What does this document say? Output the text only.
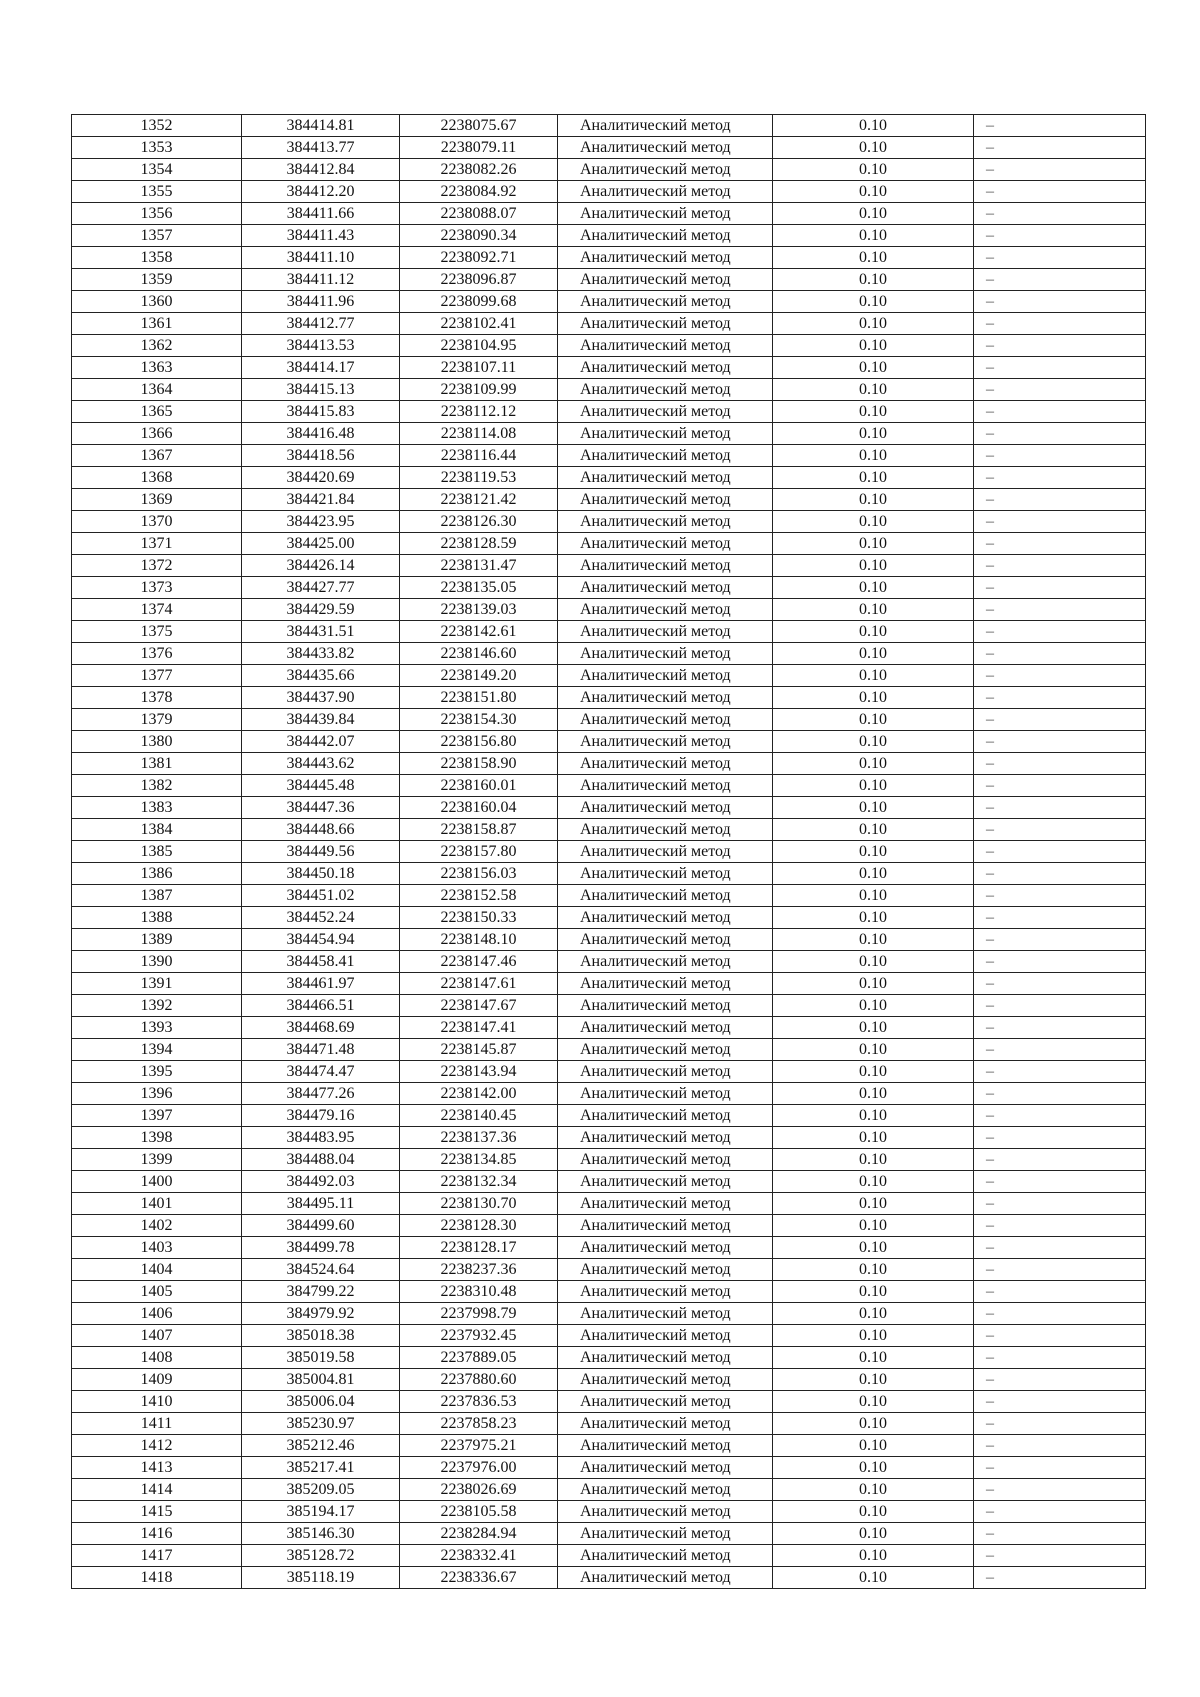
1352	384414.81	2238075.67	Аналитический метод	0.10	–
1353	384413.77	2238079.11	Аналитический метод	0.10	–
1354	384412.84	2238082.26	Аналитический метод	0.10	–
1355	384412.20	2238084.92	Аналитический метод	0.10	–
1356	384411.66	2238088.07	Аналитический метод	0.10	–
1357	384411.43	2238090.34	Аналитический метод	0.10	–
1358	384411.10	2238092.71	Аналитический метод	0.10	–
1359	384411.12	2238096.87	Аналитический метод	0.10	–
1360	384411.96	2238099.68	Аналитический метод	0.10	–
1361	384412.77	2238102.41	Аналитический метод	0.10	–
1362	384413.53	2238104.95	Аналитический метод	0.10	–
1363	384414.17	2238107.11	Аналитический метод	0.10	–
1364	384415.13	2238109.99	Аналитический метод	0.10	–
1365	384415.83	2238112.12	Аналитический метод	0.10	–
1366	384416.48	2238114.08	Аналитический метод	0.10	–
1367	384418.56	2238116.44	Аналитический метод	0.10	–
1368	384420.69	2238119.53	Аналитический метод	0.10	–
1369	384421.84	2238121.42	Аналитический метод	0.10	–
1370	384423.95	2238126.30	Аналитический метод	0.10	–
1371	384425.00	2238128.59	Аналитический метод	0.10	–
1372	384426.14	2238131.47	Аналитический метод	0.10	–
1373	384427.77	2238135.05	Аналитический метод	0.10	–
1374	384429.59	2238139.03	Аналитический метод	0.10	–
1375	384431.51	2238142.61	Аналитический метод	0.10	–
1376	384433.82	2238146.60	Аналитический метод	0.10	–
1377	384435.66	2238149.20	Аналитический метод	0.10	–
1378	384437.90	2238151.80	Аналитический метод	0.10	–
1379	384439.84	2238154.30	Аналитический метод	0.10	–
1380	384442.07	2238156.80	Аналитический метод	0.10	–
1381	384443.62	2238158.90	Аналитический метод	0.10	–
1382	384445.48	2238160.01	Аналитический метод	0.10	–
1383	384447.36	2238160.04	Аналитический метод	0.10	–
1384	384448.66	2238158.87	Аналитический метод	0.10	–
1385	384449.56	2238157.80	Аналитический метод	0.10	–
1386	384450.18	2238156.03	Аналитический метод	0.10	–
1387	384451.02	2238152.58	Аналитический метод	0.10	–
1388	384452.24	2238150.33	Аналитический метод	0.10	–
1389	384454.94	2238148.10	Аналитический метод	0.10	–
1390	384458.41	2238147.46	Аналитический метод	0.10	–
1391	384461.97	2238147.61	Аналитический метод	0.10	–
1392	384466.51	2238147.67	Аналитический метод	0.10	–
1393	384468.69	2238147.41	Аналитический метод	0.10	–
1394	384471.48	2238145.87	Аналитический метод	0.10	–
1395	384474.47	2238143.94	Аналитический метод	0.10	–
1396	384477.26	2238142.00	Аналитический метод	0.10	–
1397	384479.16	2238140.45	Аналитический метод	0.10	–
1398	384483.95	2238137.36	Аналитический метод	0.10	–
1399	384488.04	2238134.85	Аналитический метод	0.10	–
1400	384492.03	2238132.34	Аналитический метод	0.10	–
1401	384495.11	2238130.70	Аналитический метод	0.10	–
1402	384499.60	2238128.30	Аналитический метод	0.10	–
1403	384499.78	2238128.17	Аналитический метод	0.10	–
1404	384524.64	2238237.36	Аналитический метод	0.10	–
1405	384799.22	2238310.48	Аналитический метод	0.10	–
1406	384979.92	2237998.79	Аналитический метод	0.10	–
1407	385018.38	2237932.45	Аналитический метод	0.10	–
1408	385019.58	2237889.05	Аналитический метод	0.10	–
1409	385004.81	2237880.60	Аналитический метод	0.10	–
1410	385006.04	2237836.53	Аналитический метод	0.10	–
1411	385230.97	2237858.23	Аналитический метод	0.10	–
1412	385212.46	2237975.21	Аналитический метод	0.10	–
1413	385217.41	2237976.00	Аналитический метод	0.10	–
1414	385209.05	2238026.69	Аналитический метод	0.10	–
1415	385194.17	2238105.58	Аналитический метод	0.10	–
1416	385146.30	2238284.94	Аналитический метод	0.10	–
1417	385128.72	2238332.41	Аналитический метод	0.10	–
1418	385118.19	2238336.67	Аналитический метод	0.10	–
